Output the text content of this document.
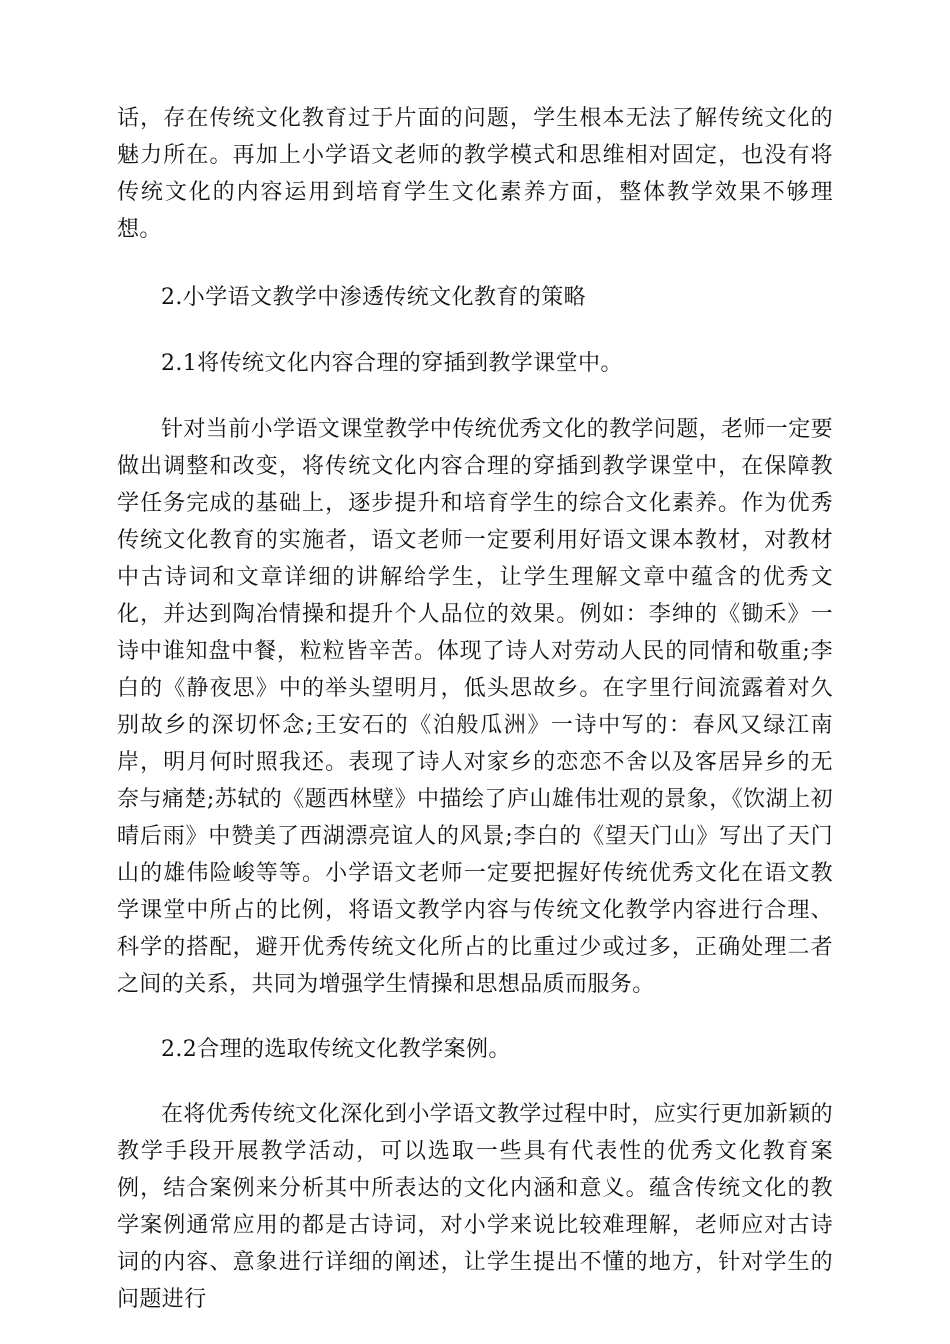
话，存在传统文化教育过于片面的问题，学生根本无法了解传统文化的魅力所在。再加上小学语文老师的教学模式和思维相对固定，也没有将传统文化的内容运用到培育学生文化素养方面，整体教学效果不够理想。

2.小学语文教学中渗透传统文化教育的策略

2.1将传统文化内容合理的穿插到教学课堂中。

针对当前小学语文课堂教学中传统优秀文化的教学问题，老师一定要做出调整和改变，将传统文化内容合理的穿插到教学课堂中，在保障教学任务完成的基础上，逐步提升和培育学生的综合文化素养。作为优秀传统文化教育的实施者，语文老师一定要利用好语文课本教材，对教材中古诗词和文章详细的讲解给学生，让学生理解文章中蕴含的优秀文化，并达到陶冶情操和提升个人品位的效果。例如：李绅的《锄禾》一诗中谁知盘中餐，粒粒皆辛苦。体现了诗人对劳动人民的同情和敬重;李白的《静夜思》中的举头望明月，低头思故乡。在字里行间流露着对久别故乡的深切怀念;王安石的《泊般瓜洲》一诗中写的：春风又绿江南岸，明月何时照我还。表现了诗人对家乡的恋恋不舍以及客居异乡的无奈与痛楚;苏轼的《题西林壁》中描绘了庐山雄伟壮观的景象，《饮湖上初晴后雨》中赞美了西湖漂亮谊人的风景;李白的《望天门山》写出了天门山的雄伟险峻等等。小学语文老师一定要把握好传统优秀文化在语文教学课堂中所占的比例，将语文教学内容与传统文化教学内容进行合理、科学的搭配，避开优秀传统文化所占的比重过少或过多，正确处理二者之间的关系，共同为增强学生情操和思想品质而服务。

2.2合理的选取传统文化教学案例。

在将优秀传统文化深化到小学语文教学过程中时，应实行更加新颖的教学手段开展教学活动，可以选取一些具有代表性的优秀文化教育案例，结合案例来分析其中所表达的文化内涵和意义。蕴含传统文化的教学案例通常应用的都是古诗词，对小学来说比较难理解，老师应对古诗词的内容、意象进行详细的阐述，让学生提出不懂的地方，针对学生的问题进行
